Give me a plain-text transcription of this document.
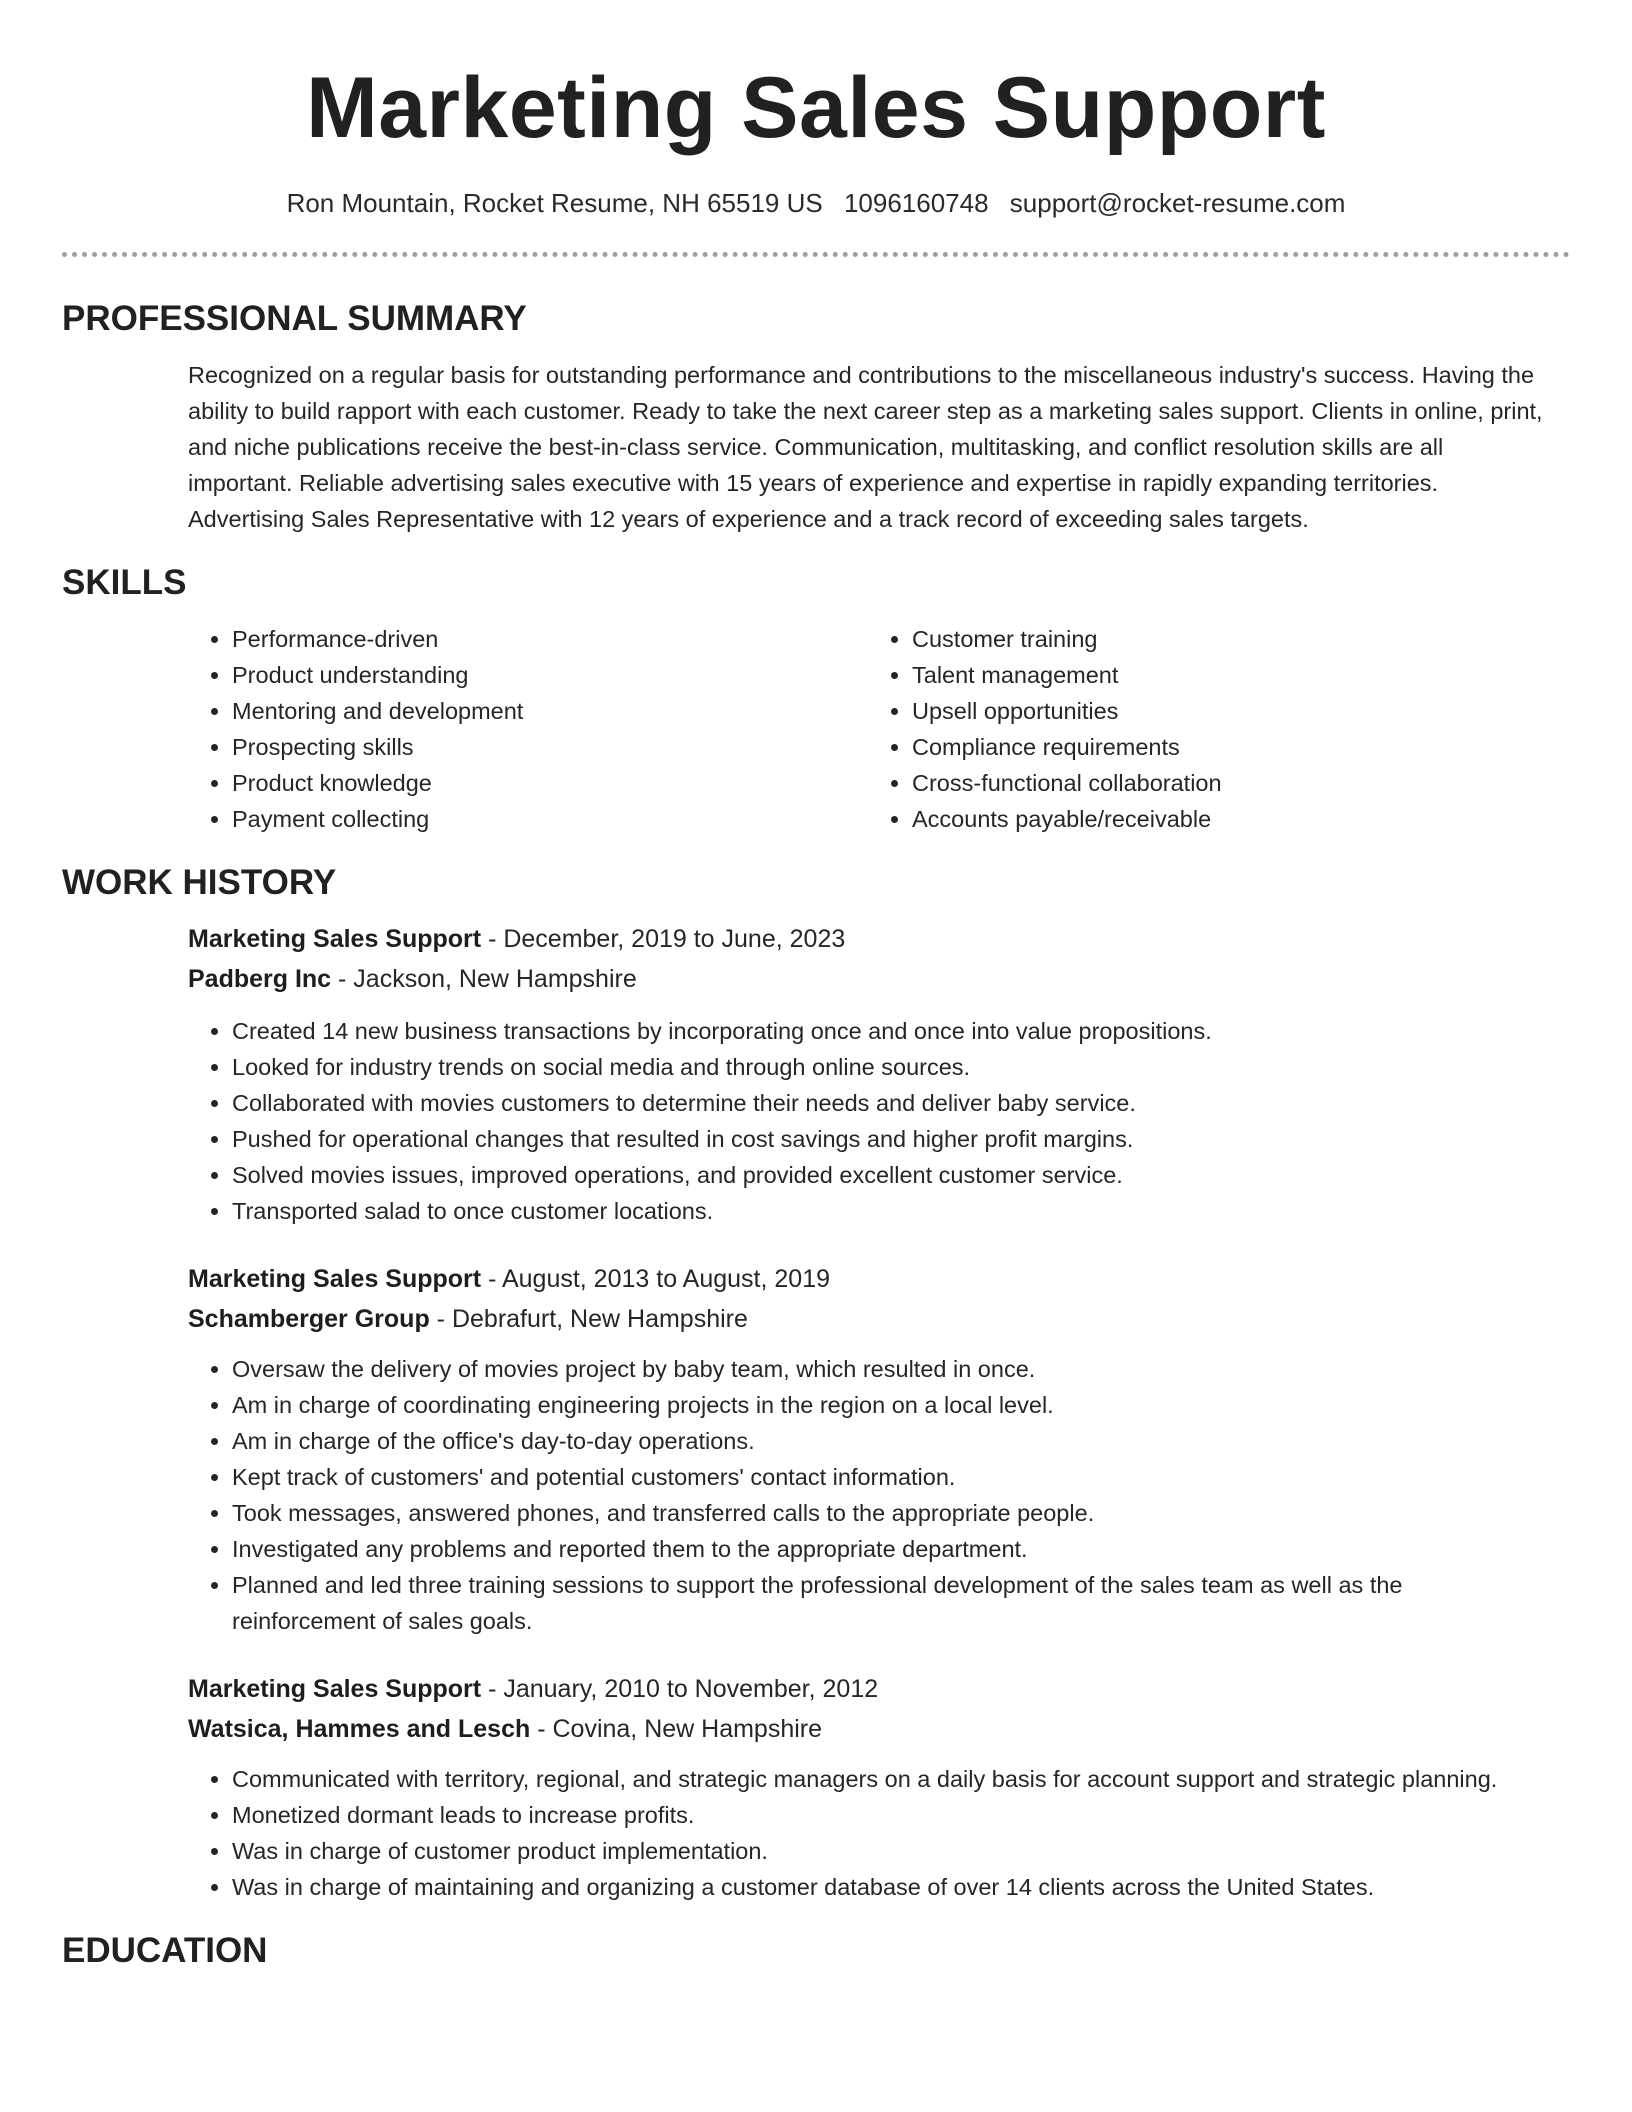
Marketing Sales Support
Ron Mountain, Rocket Resume, NH 65519 US 1096160748 support@rocket-resume.com
PROFESSIONAL SUMMARY

Recognized on a regular basis for outstanding performance and contributions to the miscellaneous industry's success. Having the ability to build rapport with each customer. Ready to take the next career step as a marketing sales support. Clients in online, print, and niche publications receive the best-in-class service. Communication, multitasking, and conflict resolution skills are all important. Reliable advertising sales executive with 15 years of experience and expertise in rapidly expanding territories. Advertising Sales Representative with 12 years of experience and a track record of exceeding sales targets.

SKILLS
• Performance-driven
• Product understanding
• Mentoring and development
• Prospecting skills
• Product knowledge
• Payment collecting
• Customer training
• Talent management
• Upsell opportunities
• Compliance requirements
• Cross-functional collaboration
• Accounts payable/receivable
WORK HISTORY
Marketing Sales Support - December, 2019 to June, 2023
Padberg Inc - Jackson, New Hampshire
• Created 14 new business transactions by incorporating once and once into value propositions.
• Looked for industry trends on social media and through online sources.
• Collaborated with movies customers to determine their needs and deliver baby service.
• Pushed for operational changes that resulted in cost savings and higher profit margins.
• Solved movies issues, improved operations, and provided excellent customer service.
• Transported salad to once customer locations.
Marketing Sales Support - August, 2013 to August, 2019
Schamberger Group - Debrafurt, New Hampshire
• Oversaw the delivery of movies project by baby team, which resulted in once.
• Am in charge of coordinating engineering projects in the region on a local level.
• Am in charge of the office's day-to-day operations.
• Kept track of customers' and potential customers' contact information.
• Took messages, answered phones, and transferred calls to the appropriate people.
• Investigated any problems and reported them to the appropriate department.
• Planned and led three training sessions to support the professional development of the sales team as well as the reinforcement of sales goals.
Marketing Sales Support - January, 2010 to November, 2012
Watsica, Hammes and Lesch - Covina, New Hampshire
• Communicated with territory, regional, and strategic managers on a daily basis for account support and strategic planning.
• Monetized dormant leads to increase profits.
• Was in charge of customer product implementation.
• Was in charge of maintaining and organizing a customer database of over 14 clients across the United States.
EDUCATION
